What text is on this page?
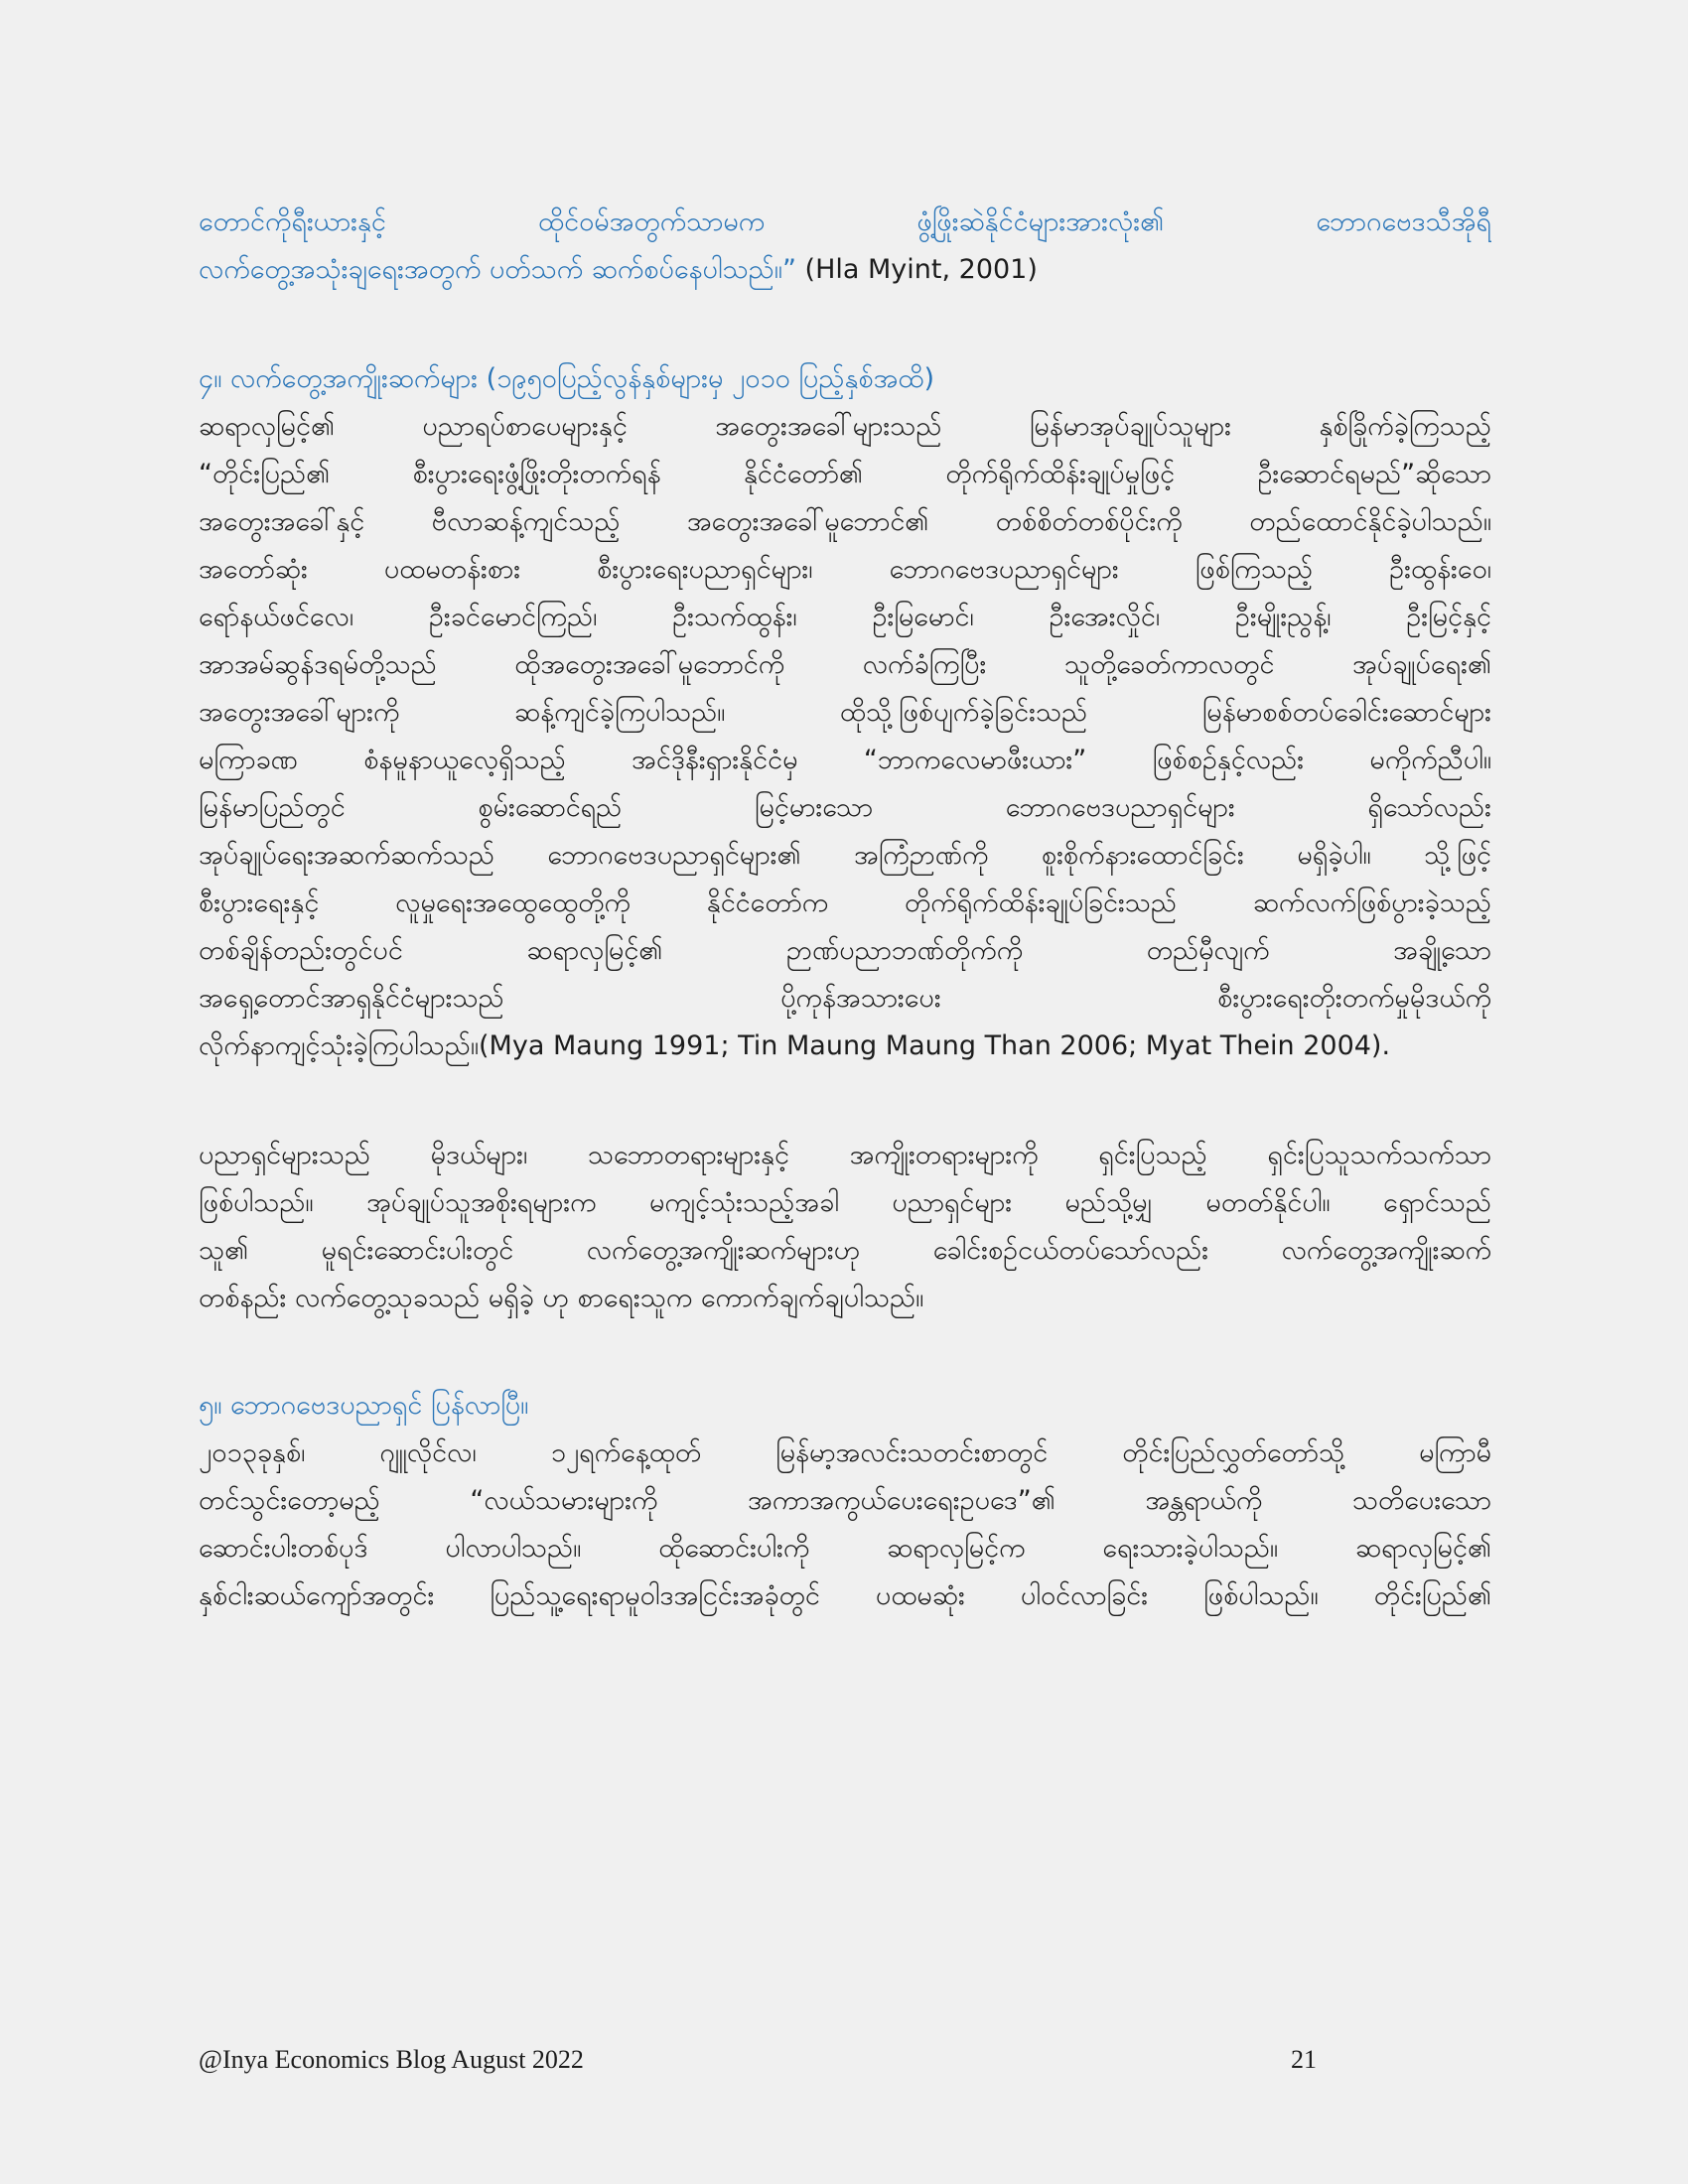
တောင်ကိုရီးယားနှင့် ထိုင်ဝမ်အတွက်သာမက ဖွံ့ဖြိုးဆဲနိုင်ငံများအားလုံး၏ ဘောဂဗေဒသီအိုရီ
လက်တွေ့အသုံးချရေးအတွက် ပတ်သက် ဆက်စပ်နေပါသည်။” (Hla Myint, 2001)
၄။ လက်တွေ့အကျိုးဆက်များ (၁၉၅၀ပြည့်လွန်နှစ်များမှ ၂၀၁၀ ပြည့်နှစ်အထိ)
ဆရာလှမြင့်၏ ပညာရပ်စာပေများနှင့် အတွေးအခေါ်များသည် မြန်မာအုပ်ချုပ်သူများ နှစ်ခြိုက်ခဲ့ကြသည့်
“တိုင်းပြည်၏ စီးပွားရေးဖွံ့ဖြိုးတိုးတက်ရန် နိုင်ငံတော်၏ တိုက်ရိုက်ထိန်းချုပ်မှုဖြင့် ဦးဆောင်ရမည်”ဆိုသော
အတွေးအခေါ်နှင့် ဗီလာဆန့်ကျင်သည့် အတွေးအခေါ်မူဘောင်၏ တစ်စိတ်တစ်ပိုင်းကို တည်ထောင်နိုင်ခဲ့ပါသည်။
အတော်ဆုံး ပထမတန်းစား စီးပွားရေးပညာရှင်များ၊ ဘောဂဗေဒပညာရှင်များ ဖြစ်ကြသည့် ဦးထွန်းဝေ၊
ရော်နယ်ဖင်လေ၊ ဦးခင်မောင်ကြည်၊ ဦးသက်ထွန်း၊ ဦးမြမောင်၊ ဦးအေးလှိုင်၊ ဦးမျိုးညွန့်၊ ဦးမြင့်နှင့်
အာအမ်ဆွန်ဒရမ်တို့သည် ထိုအတွေးအခေါ်မူဘောင်ကို လက်ခံကြပြီး သူတို့ခေတ်ကာလတွင် အုပ်ချုပ်ရေး၏
အတွေးအခေါ်များကို ဆန့်ကျင်ခဲ့ကြပါသည်။ ထိုသို့ဖြစ်ပျက်ခဲ့ခြင်းသည် မြန်မာစစ်တပ်ခေါင်းဆောင်များ
မကြာခဏ စံနမူနာယူလေ့ရှိသည့် အင်ဒိုနီးရှားနိုင်ငံမှ “ဘာကလေမာဖီးယား” ဖြစ်စဉ်နှင့်လည်း မကိုက်ညီပါ။
မြန်မာပြည်တွင် စွမ်းဆောင်ရည် မြင့်မားသော ဘောဂဗေဒပညာရှင်များ ရှိသော်လည်း
အုပ်ချုပ်ရေးအဆက်ဆက်သည် ဘောဂဗေဒပညာရှင်များ၏ အကြံဉာဏ်ကို စူးစိုက်နားထောင်ခြင်း မရှိခဲ့ပါ။ သို့ဖြင့်
စီးပွားရေးနှင့် လူမှုရေးအထွေထွေတို့ကို နိုင်ငံတော်က တိုက်ရိုက်ထိန်းချုပ်ခြင်းသည် ဆက်လက်ဖြစ်ပွားခဲ့သည့်
တစ်ချိန်တည်းတွင်ပင် ဆရာလှမြင့်၏ ဉာဏ်ပညာဘဏ်တိုက်ကို တည်မှီလျက် အချို့သော
အရှေ့တောင်အာရှနိုင်ငံများသည် ပို့ကုန်အသားပေး စီးပွားရေးတိုးတက်မှုမိုဒယ်ကို
လိုက်နာကျင့်သုံးခဲ့ကြပါသည်။(Mya Maung 1991; Tin Maung Maung Than 2006; Myat Thein 2004).
ပညာရှင်များသည် မိုဒယ်များ၊ သဘောတရားများနှင့် အကျိုးတရားများကို ရှင်းပြသည့် ရှင်းပြသူသက်သက်သာ
ဖြစ်ပါသည်။ အုပ်ချုပ်သူအစိုးရများက မကျင့်သုံးသည့်အခါ ပညာရှင်များ မည်သို့မျှ မတတ်နိုင်ပါ။ ရှောင်သည်
သူ၏ မူရင်းဆောင်းပါးတွင် လက်တွေ့အကျိုးဆက်များဟု ခေါင်းစဉ်ငယ်တပ်သော်လည်း လက်တွေ့အကျိုးဆက်
တစ်နည်း လက်တွေ့သုခသည် မရှိခဲ့ ဟု စာရေးသူက ကောက်ချက်ချပါသည်။
၅။ ဘောဂဗေဒပညာရှင် ပြန်လာပြီ။
၂၀၁၃ခုနှစ်၊ ဂျူလိုင်လ၊ ၁၂ရက်နေ့ထုတ် မြန်မာ့အလင်းသတင်းစာတွင် တိုင်းပြည်လွှတ်တော်သို့ မကြာမီ
တင်သွင်းတော့မည့် “လယ်သမားများကို အကာအကွယ်ပေးရေးဥပဒေ”၏ အန္တရာယ်ကို သတိပေးသော
ဆောင်းပါးတစ်ပုဒ် ပါလာပါသည်။ ထိုဆောင်းပါးကို ဆရာလှမြင့်က ရေးသားခဲ့ပါသည်။ ဆရာလှမြင့်၏
နှစ်ငါးဆယ်ကျော်အတွင်း ပြည်သူ့ရေးရာမူဝါဒအငြင်းအခုံတွင် ပထမဆုံး ပါဝင်လာခြင်း ဖြစ်ပါသည်။ တိုင်းပြည်၏
@Inya Economics Blog August 2022	21
